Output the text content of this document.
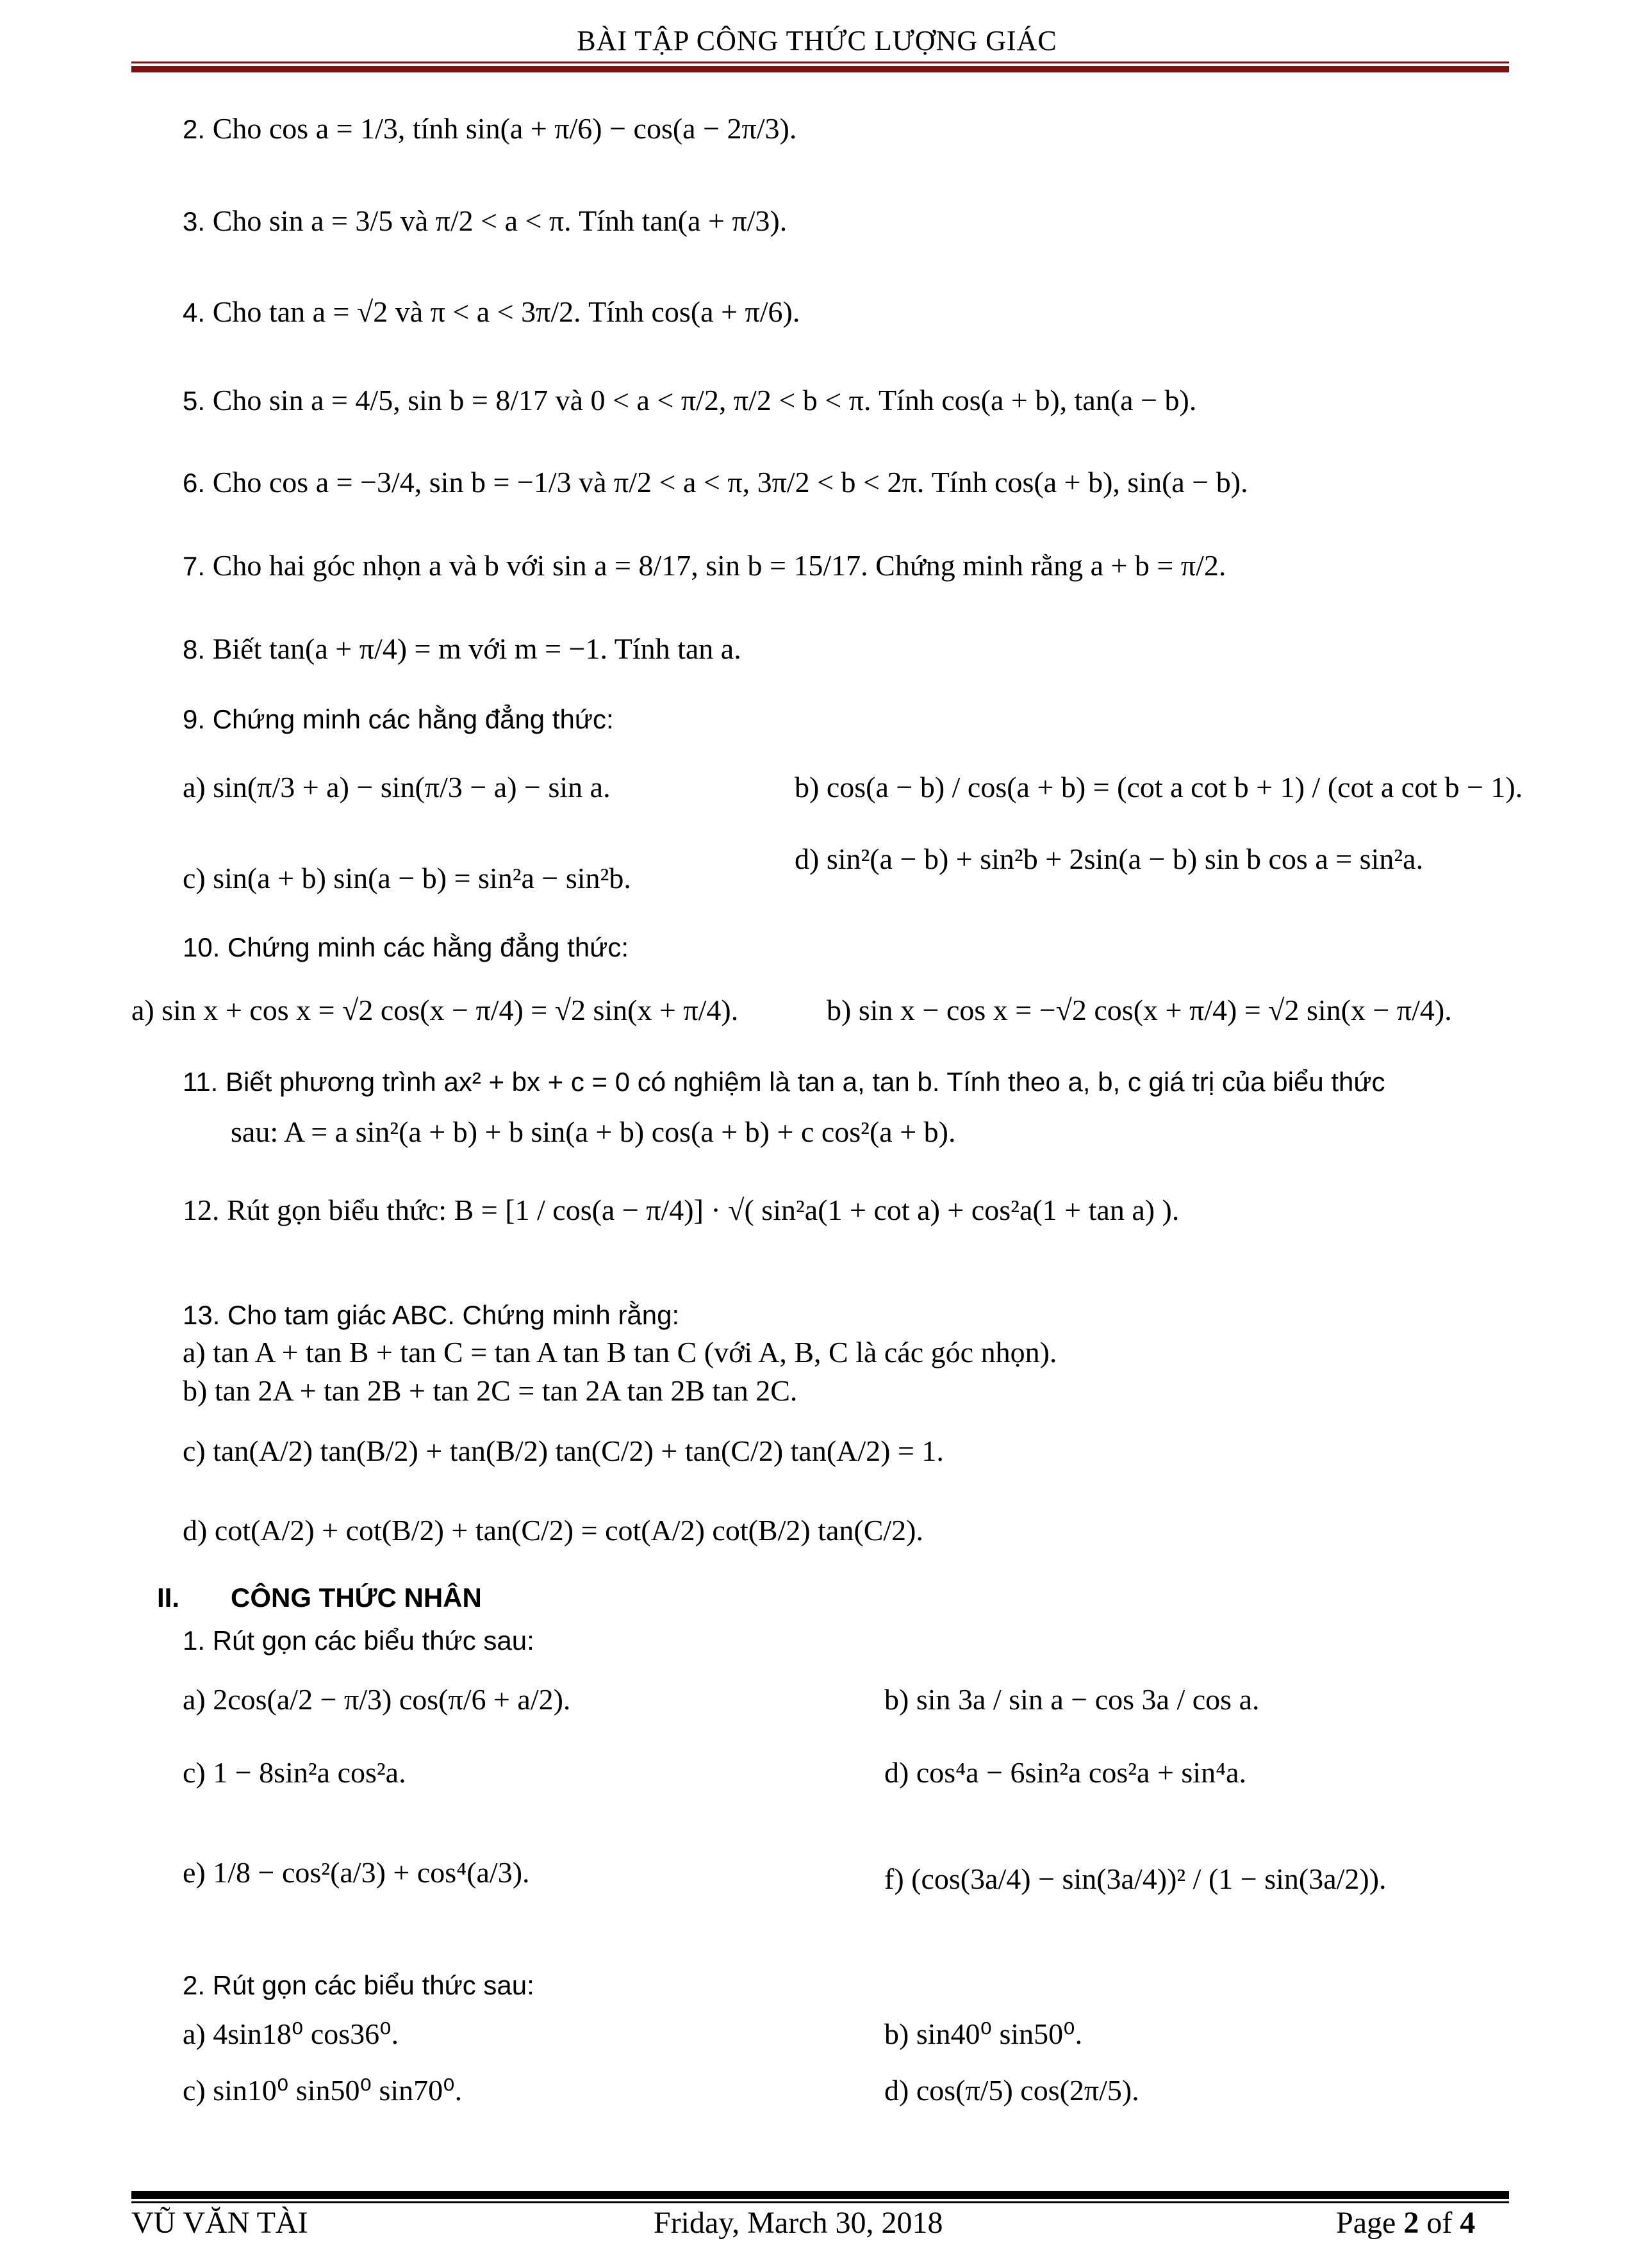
BÀI TẬP CÔNG THỨC LƯỢNG GIÁC
2. Cho cos a = 1/3, tính sin(a + π/6) − cos(a − 2π/3).
3. Cho sin a = 3/5 và π/2 < a < π. Tính tan(a + π/3).
4. Cho tan a = √2 và π < a < 3π/2. Tính cos(a + π/6).
5. Cho sin a = 4/5, sin b = 8/17 và 0 < a < π/2, π/2 < b < π. Tính cos(a + b), tan(a − b).
6. Cho cos a = −3/4, sin b = −1/3 và π/2 < a < π, 3π/2 < b < 2π. Tính cos(a + b), sin(a − b).
7. Cho hai góc nhọn a và b với sin a = 8/17, sin b = 15/17. Chứng minh rằng a + b = π/2.
8. Biết tan(a + π/4) = m với m = −1. Tính tan a.
9. Chứng minh các hằng đẳng thức:
a) sin(π/3 + a) − sin(π/3 − a) − sin a.	b) cos(a − b) / cos(a + b) = (cot a cot b + 1) / (cot a cot b − 1).
c) sin(a + b) sin(a − b) = sin²a − sin²b.
d) sin²(a − b) + sin²b + 2sin(a − b) sin b cos a = sin²a.
10. Chứng minh các hằng đẳng thức:
a) sin x + cos x = √2 cos(x − π/4) = √2 sin(x + π/4).	b) sin x − cos x = −√2 cos(x + π/4) = √2 sin(x − π/4).
11. Biết phương trình ax² + bx + c = 0 có nghiệm là tan a, tan b. Tính theo a, b, c giá trị của biểu thức
sau: A = a sin²(a + b) + b sin(a + b) cos(a + b) + c cos²(a + b).
12. Rút gọn biểu thức: B = [1 / cos(a − π/4)] · √( sin²a(1 + cot a) + cos²a(1 + tan a) ).
13. Cho tam giác ABC. Chứng minh rằng:
a) tan A + tan B + tan C = tan A tan B tan C (với A, B, C là các góc nhọn).
b) tan 2A + tan 2B + tan 2C = tan 2A tan 2B tan 2C.
c) tan(A/2) tan(B/2) + tan(B/2) tan(C/2) + tan(C/2) tan(A/2) = 1.
d) cot(A/2) + cot(B/2) + tan(C/2) = cot(A/2) cot(B/2) tan(C/2).
II. CÔNG THỨC NHÂN
1. Rút gọn các biểu thức sau:
a) 2cos(a/2 − π/3) cos(π/6 + a/2).	b) sin 3a / sin a − cos 3a / cos a.
c) 1 − 8sin²a cos²a.	d) cos⁴a − 6sin²a cos²a + sin⁴a.
e) 1/8 − cos²(a/3) + cos⁴(a/3).	f) (cos(3a/4) − sin(3a/4))² / (1 − sin(3a/2)).
2. Rút gọn các biểu thức sau:
a) 4sin18⁰ cos36⁰.	b) sin40⁰ sin50⁰.
c) sin10⁰ sin50⁰ sin70⁰.	d) cos(π/5) cos(2π/5).
VŨ VĂN TÀI	Friday, March 30, 2018	Page 2 of 4
